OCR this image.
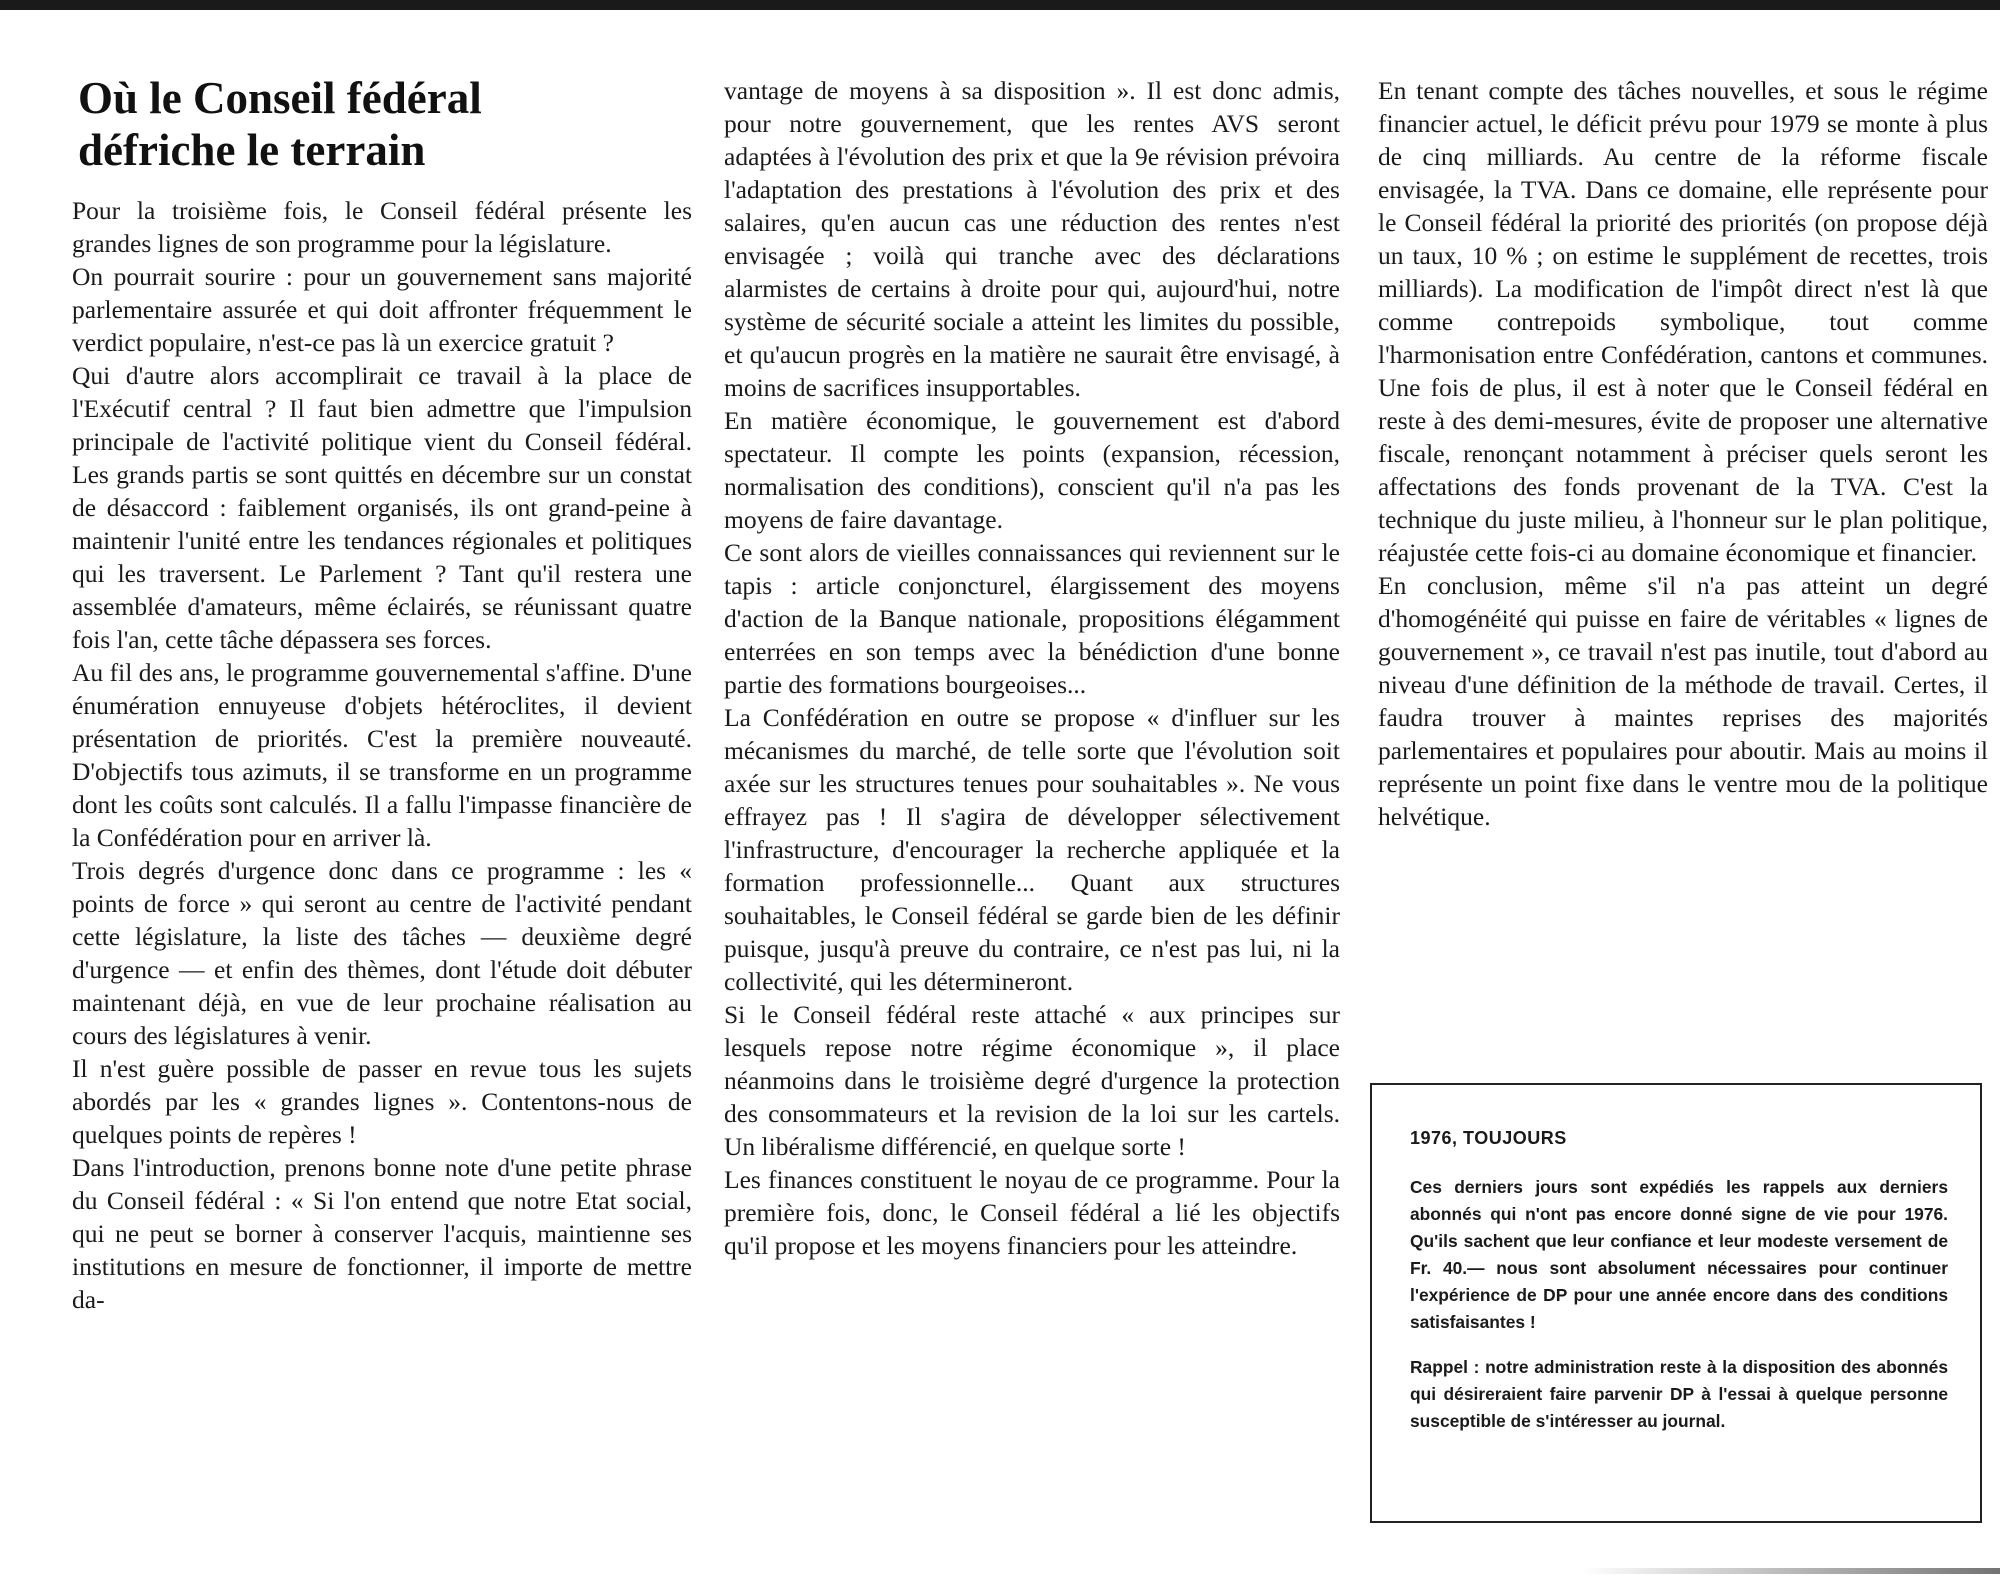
Où le Conseil fédéral
défriche le terrain

Pour la troisième fois, le Conseil fédéral présente les grandes lignes de son programme pour la législature.

On pourrait sourire : pour un gouvernement sans majorité parlementaire assurée et qui doit affronter fréquemment le verdict populaire, n'est-ce pas là un exercice gratuit ?

Qui d'autre alors accomplirait ce travail à la place de l'Exécutif central ? Il faut bien admettre que l'impulsion principale de l'activité politique vient du Conseil fédéral. Les grands partis se sont quittés en décembre sur un constat de désaccord : faiblement organisés, ils ont grand-peine à maintenir l'unité entre les tendances régionales et politiques qui les traversent. Le Parlement ? Tant qu'il restera une assemblée d'amateurs, même éclairés, se réunissant quatre fois l'an, cette tâche dépassera ses forces.

Au fil des ans, le programme gouvernemental s'affine. D'une énumération ennuyeuse d'objets hétéroclites, il devient présentation de priorités. C'est la première nouveauté. D'objectifs tous azimuts, il se transforme en un programme dont les coûts sont calculés. Il a fallu l'impasse financière de la Confédération pour en arriver là.

Trois degrés d'urgence donc dans ce programme : les « points de force » qui seront au centre de l'activité pendant cette législature, la liste des tâches — deuxième degré d'urgence — et enfin des thèmes, dont l'étude doit débuter maintenant déjà, en vue de leur prochaine réalisation au cours des législatures à venir.

Il n'est guère possible de passer en revue tous les sujets abordés par les « grandes lignes ». Contentons-nous de quelques points de repères !

Dans l'introduction, prenons bonne note d'une petite phrase du Conseil fédéral : « Si l'on entend que notre Etat social, qui ne peut se borner à conserver l'acquis, maintienne ses institutions en mesure de fonctionner, il importe de mettre da-

vantage de moyens à sa disposition ». Il est donc admis, pour notre gouvernement, que les rentes AVS seront adaptées à l'évolution des prix et que la 9e révision prévoira l'adaptation des prestations à l'évolution des prix et des salaires, qu'en aucun cas une réduction des rentes n'est envisagée ; voilà qui tranche avec des déclarations alarmistes de certains à droite pour qui, aujourd'hui, notre système de sécurité sociale a atteint les limites du possible, et qu'aucun progrès en la matière ne saurait être envisagé, à moins de sacrifices insupportables.

En matière économique, le gouvernement est d'abord spectateur. Il compte les points (expansion, récession, normalisation des conditions), conscient qu'il n'a pas les moyens de faire davantage.

Ce sont alors de vieilles connaissances qui reviennent sur le tapis : article conjoncturel, élargissement des moyens d'action de la Banque nationale, propositions élégamment enterrées en son temps avec la bénédiction d'une bonne partie des formations bourgeoises...

La Confédération en outre se propose « d'influer sur les mécanismes du marché, de telle sorte que l'évolution soit axée sur les structures tenues pour souhaitables ». Ne vous effrayez pas ! Il s'agira de développer sélectivement l'infrastructure, d'encourager la recherche appliquée et la formation professionnelle... Quant aux structures souhaitables, le Conseil fédéral se garde bien de les définir puisque, jusqu'à preuve du contraire, ce n'est pas lui, ni la collectivité, qui les détermineront.

Si le Conseil fédéral reste attaché « aux principes sur lesquels repose notre régime économique », il place néanmoins dans le troisième degré d'urgence la protection des consommateurs et la revision de la loi sur les cartels. Un libéralisme différencié, en quelque sorte !

Les finances constituent le noyau de ce programme. Pour la première fois, donc, le Conseil fédéral a lié les objectifs qu'il propose et les moyens financiers pour les atteindre.

En tenant compte des tâches nouvelles, et sous le régime financier actuel, le déficit prévu pour 1979 se monte à plus de cinq milliards. Au centre de la réforme fiscale envisagée, la TVA. Dans ce domaine, elle représente pour le Conseil fédéral la priorité des priorités (on propose déjà un taux, 10 % ; on estime le supplément de recettes, trois milliards). La modification de l'impôt direct n'est là que comme contrepoids symbolique, tout comme l'harmonisation entre Confédération, cantons et communes. Une fois de plus, il est à noter que le Conseil fédéral en reste à des demi-mesures, évite de proposer une alternative fiscale, renonçant notamment à préciser quels seront les affectations des fonds provenant de la TVA. C'est la technique du juste milieu, à l'honneur sur le plan politique, réajustée cette fois-ci au domaine économique et financier.

En conclusion, même s'il n'a pas atteint un degré d'homogénéité qui puisse en faire de véritables « lignes de gouvernement », ce travail n'est pas inutile, tout d'abord au niveau d'une définition de la méthode de travail. Certes, il faudra trouver à maintes reprises des majorités parlementaires et populaires pour aboutir. Mais au moins il représente un point fixe dans le ventre mou de la politique helvétique.

1976, TOUJOURS

Ces derniers jours sont expédiés les rappels aux derniers abonnés qui n'ont pas encore donné signe de vie pour 1976. Qu'ils sachent que leur confiance et leur modeste versement de Fr. 40.— nous sont absolument nécessaires pour continuer l'expérience de DP pour une année encore dans des conditions satisfaisantes !

Rappel : notre administration reste à la disposition des abonnés qui désireraient faire parvenir DP à l'essai à quelque personne susceptible de s'intéresser au journal.
